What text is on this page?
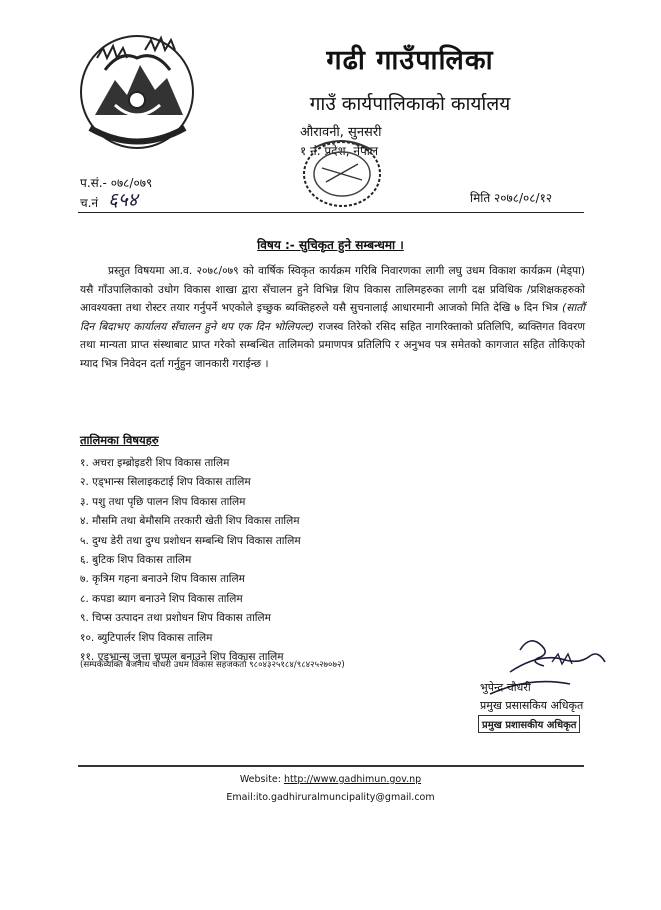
गढी गाउँपालिका
गाउँ कार्यपालिकाको कार्यालय
औरावनी, सुनसरी
१ नं. प्रदेश, नेपाल
प.सं.- ०७८/०७९
च.नं ६५४	मिति २०७८/०८/१२
विषय :- सुचिकृत हुने सम्बन्धमा ।

प्रस्तुत विषयमा आ.व. २०७८/०७९ को वार्षिक स्विकृत कार्यक्रम गरिबि निवारणका लागी लघु उधम विकाश कार्यक्रम (मेड्पा) यसै गाँउपालिकाको उधोग विकास शाखा द्वारा सँचालन हुने विभिन्न शिप विकास तालिमहरुका लागी दक्ष प्रविधिक /प्रशिक्षकहरुको आवश्यक्ता तथा रोस्टर तयार गर्नुपर्ने भएकोले इच्छुक ब्यक्तिहरुले यसै सुचनालाई आधारमानी आजको मिति देखि ७ दिन भित्र (सातौं दिन बिदाभए कार्यालय सँचालन हुने थप एक दिन भोलिपल्ट) राजस्व तिरेको रसिद सहित नागरिक्ताको प्रतिलिपि, ब्यक्तिगत विवरण तथा मान्यता प्राप्त संस्थाबाट प्राप्त गरेको सम्बन्धित तालिमको प्रमाणपत्र प्रतिलिपि र अनुभव पत्र समेतको कागजात सहित तोकिएको म्याद भित्र निवेदन दर्ता गर्नुहुन जानकारी गराईन्छ ।

तालिमका विषयहरु
१. अचरा इम्ब्रोइडरी शिप विकास तालिम
२. एड्भान्स सिलाइकटाई शिप विकास तालिम
३. पशु तथा पृछि पालन शिप विकास तालिम
४. मौसमि तथा बेमौसमि तरकारी खेती शिप विकास तालिम
५. दुग्ध डेरी तथा दुग्ध प्रशोधन सम्बन्धि शिप विकास तालिम
६. बुटिक शिप विकास तालिम
७. कृत्रिम गहना बनाउने शिप विकास तालिम
८. कपडा ब्याग बनाउने शिप विकास तालिम
९. चिप्स उत्पादन तथा प्रशोधन शिप विकास तालिम
१०. ब्युटिपार्लर शिप विकास तालिम
११. एड्भान्स जुत्ता चप्पल बनाउने शिप विकास तालिम
(सम्पर्कव्यक्ति बैजनाथ चौधरी उधम विकास सहजकर्ता ९८०४३२५१८४/९८४२५२७०७२)
भुपेन्द्र चौधरी
प्रमुख प्रसासकिय अधिकृत
प्रमुख प्रशासकीय अधिकृत
Website: http://www.gadhimun.gov.np
Email:ito.gadhiruralmuncipality@gmail.com
